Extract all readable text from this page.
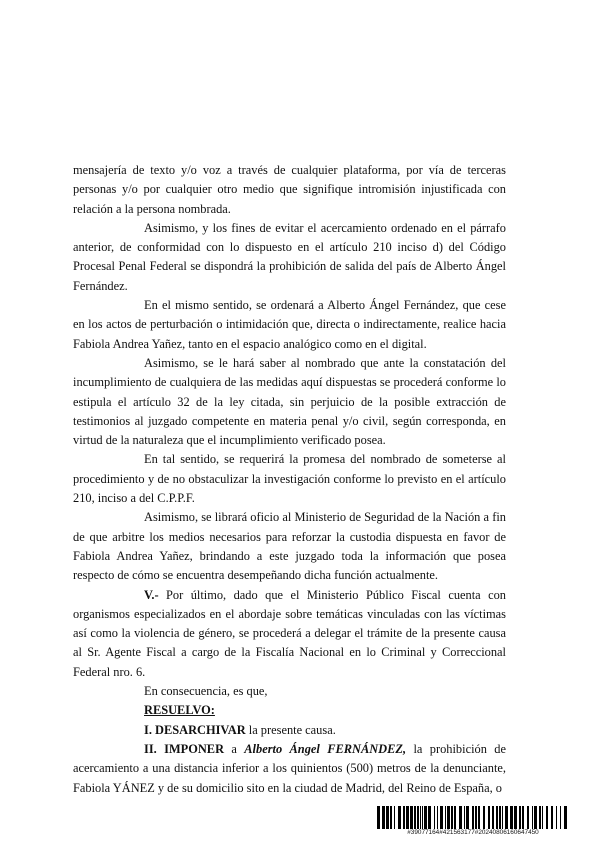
mensajería de texto y/o voz a través de cualquier plataforma, por vía de terceras personas y/o por cualquier otro medio que signifique intromisión injustificada con relación a la persona nombrada.

Asimismo, y los fines de evitar el acercamiento ordenado en el párrafo anterior, de conformidad con lo dispuesto en el artículo 210 inciso d) del Código Procesal Penal Federal se dispondrá la prohibición de salida del país de Alberto Ángel Fernández.

En el mismo sentido, se ordenará a Alberto Ángel Fernández, que cese en los actos de perturbación o intimidación que, directa o indirectamente, realice hacia Fabiola Andrea Yañez, tanto en el espacio analógico como en el digital.

Asimismo, se le hará saber al nombrado que ante la constatación del incumplimiento de cualquiera de las medidas aquí dispuestas se procederá conforme lo estipula el artículo 32 de la ley citada, sin perjuicio de la posible extracción de testimonios al juzgado competente en materia penal y/o civil, según corresponda, en virtud de la naturaleza que el incumplimiento verificado posea.

En tal sentido, se requerirá la promesa del nombrado de someterse al procedimiento y de no obstaculizar la investigación conforme lo previsto en el artículo 210, inciso a del C.P.P.F.

Asimismo, se librará oficio al Ministerio de Seguridad de la Nación a fin de que arbitre los medios necesarios para reforzar la custodia dispuesta en favor de Fabiola Andrea Yañez, brindando a este juzgado toda la información que posea respecto de cómo se encuentra desempeñando dicha función actualmente.

V.- Por último, dado que el Ministerio Público Fiscal cuenta con organismos especializados en el abordaje sobre temáticas vinculadas con las víctimas así como la violencia de género, se procederá a delegar el trámite de la presente causa al Sr. Agente Fiscal a cargo de la Fiscalía Nacional en lo Criminal y Correccional Federal nro. 6.

En consecuencia, es que,

RESUELVO:

I. DESARCHIVAR la presente causa.

II. IMPONER a Alberto Ángel FERNÁNDEZ, la prohibición de acercamiento a una distancia inferior a los quinientos (500) metros de la denunciante, Fabiola YÁNEZ y de su domicilio sito en la ciudad de Madrid, del Reino de España, o

#39077164#421563177#20240806160647450
